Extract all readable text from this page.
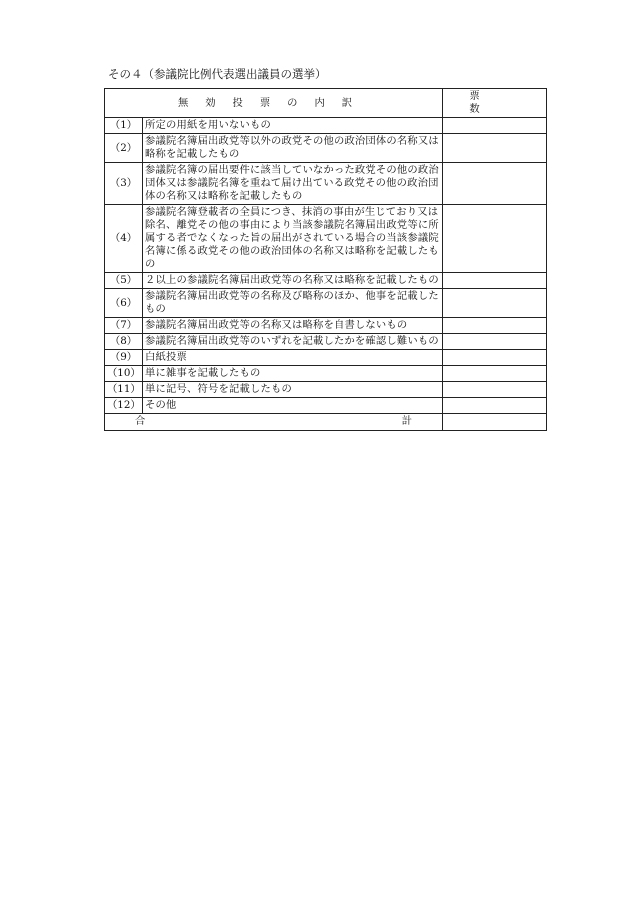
その４（参議院比例代表選出議員の選挙）
無効投票の内訳		票数
（1）	所定の用紙を用いないもの	
（2）	参議院名簿届出政党等以外の政党その他の政治団体の名称又は略称を記載したもの	
（3）	参議院名簿の届出要件に該当していなかった政党その他の政治団体又は参議院名簿を重ねて届け出ている政党その他の政治団体の名称又は略称を記載したもの	
（4）	参議院名簿登載者の全員につき、抹消の事由が生じており又は除名、離党その他の事由により当該参議院名簿届出政党等に所属する者でなくなった旨の届出がされている場合の当該参議院名簿に係る政党その他の政治団体の名称又は略称を記載したもの	
（5）	２以上の参議院名簿届出政党等の名称又は略称を記載したもの	
（6）	参議院名簿届出政党等の名称及び略称のほか、他事を記載したもの	
（7）	参議院名簿届出政党等の名称又は略称を自書しないもの	
（8）	参議院名簿届出政党等のいずれを記載したかを確認し難いもの	
（9）	白紙投票	
（10）	単に雑事を記載したもの	
（11）	単に記号、符号を記載したもの	
（12）	その他	

合 計		
